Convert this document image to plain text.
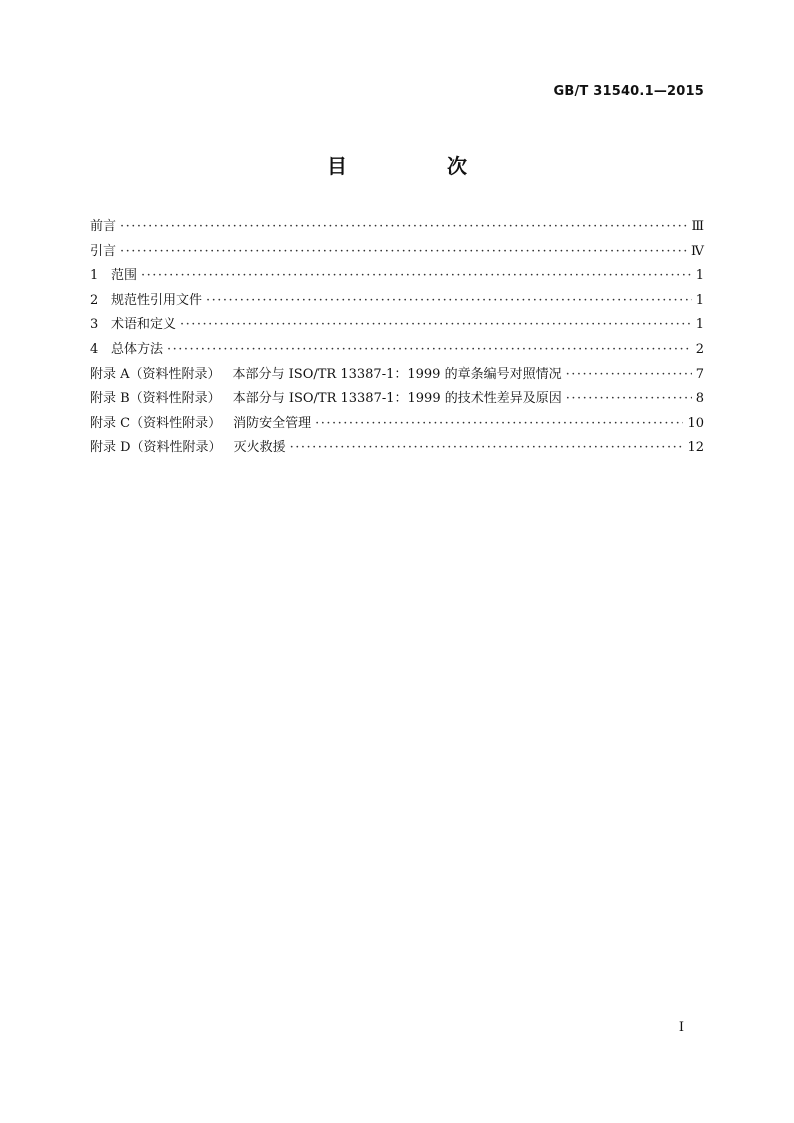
GB/T 31540.1—2015
目　次
前言 ·····	Ⅲ
引言 ·····	Ⅳ
1 范围 ·····	1
2 规范性引用文件 ·····	1
3 术语和定义 ·····	1
4 总体方法 ·····	2
附录 A（资料性附录） 本部分与 ISO/TR 13387-1：1999 的章条编号对照情况 ·····	7
附录 B（资料性附录） 本部分与 ISO/TR 13387-1：1999 的技术性差异及原因 ·····	8
附录 C（资料性附录） 消防安全管理 ·····	10
附录 D（资料性附录） 灭火救援 ·····	12
I
